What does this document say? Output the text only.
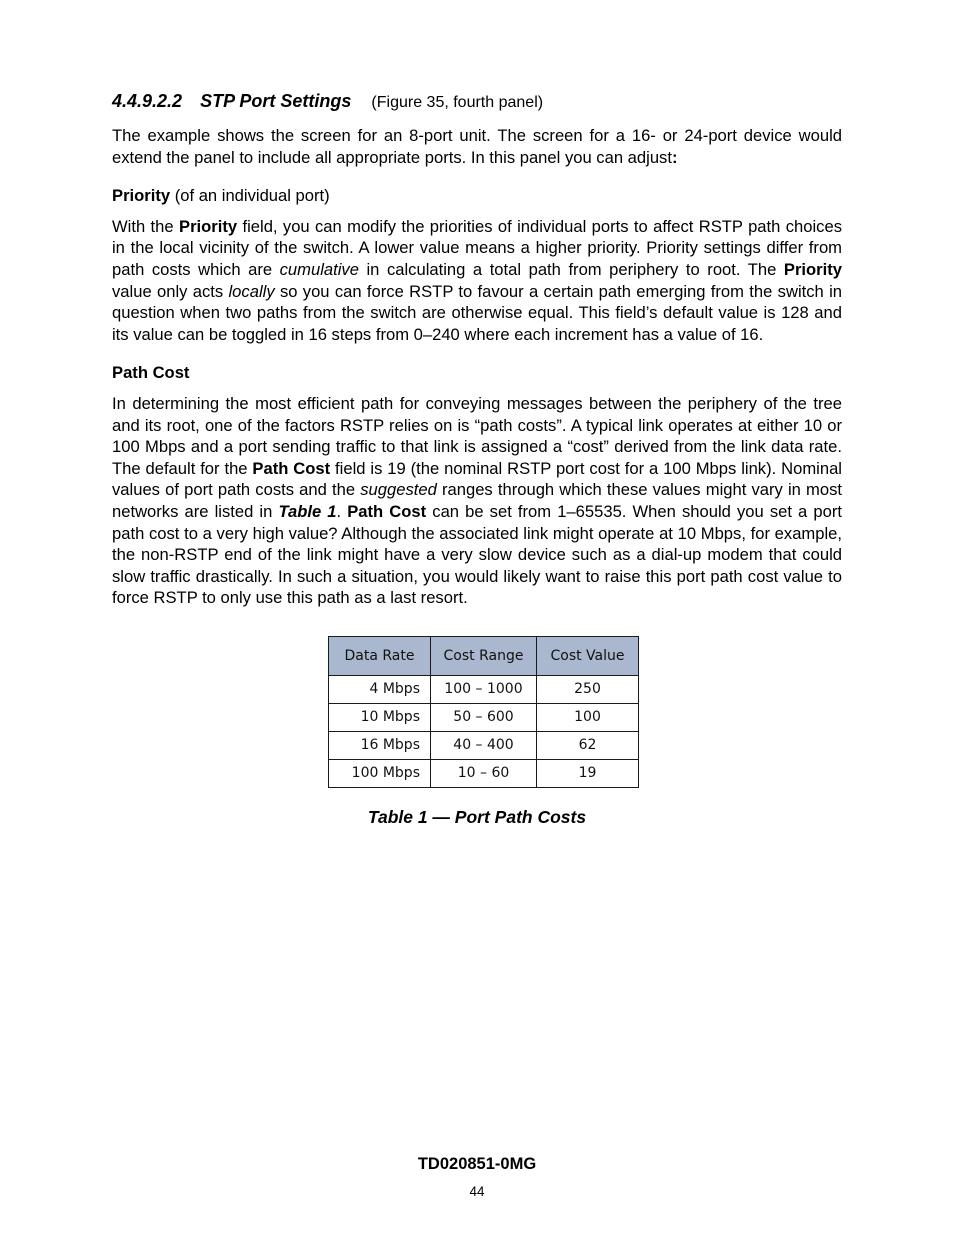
4.4.9.2.2 STP Port Settings (Figure 35, fourth panel)

The example shows the screen for an 8-port unit. The screen for a 16- or 24-port device would extend the panel to include all appropriate ports. In this panel you can adjust:

Priority (of an individual port)

With the Priority field, you can modify the priorities of individual ports to affect RSTP path choices in the local vicinity of the switch. A lower value means a higher priority. Priority settings differ from path costs which are cumulative in calculating a total path from periphery to root. The Priority value only acts locally so you can force RSTP to favour a certain path emerging from the switch in question when two paths from the switch are otherwise equal. This field’s default value is 128 and its value can be toggled in 16 steps from 0–240 where each increment has a value of 16.

Path Cost

In determining the most efficient path for conveying messages between the periphery of the tree and its root, one of the factors RSTP relies on is “path costs”. A typical link operates at either 10 or 100 Mbps and a port sending traffic to that link is assigned a “cost” derived from the link data rate. The default for the Path Cost field is 19 (the nominal RSTP port cost for a 100 Mbps link). Nominal values of port path costs and the suggested ranges through which these values might vary in most networks are listed in Table 1. Path Cost can be set from 1–65535. When should you set a port path cost to a very high value? Although the associated link might operate at 10 Mbps, for example, the non-RSTP end of the link might have a very slow device such as a dial-up modem that could slow traffic drastically. In such a situation, you would likely want to raise this port path cost value to force RSTP to only use this path as a last resort.

Data Rate	Cost Range	Cost Value
4 Mbps	100 – 1000	250
10 Mbps	50 – 600	100
16 Mbps	40 – 400	62
100 Mbps	10 – 60	19

Table 1 — Port Path Costs

TD020851-0MG
44
